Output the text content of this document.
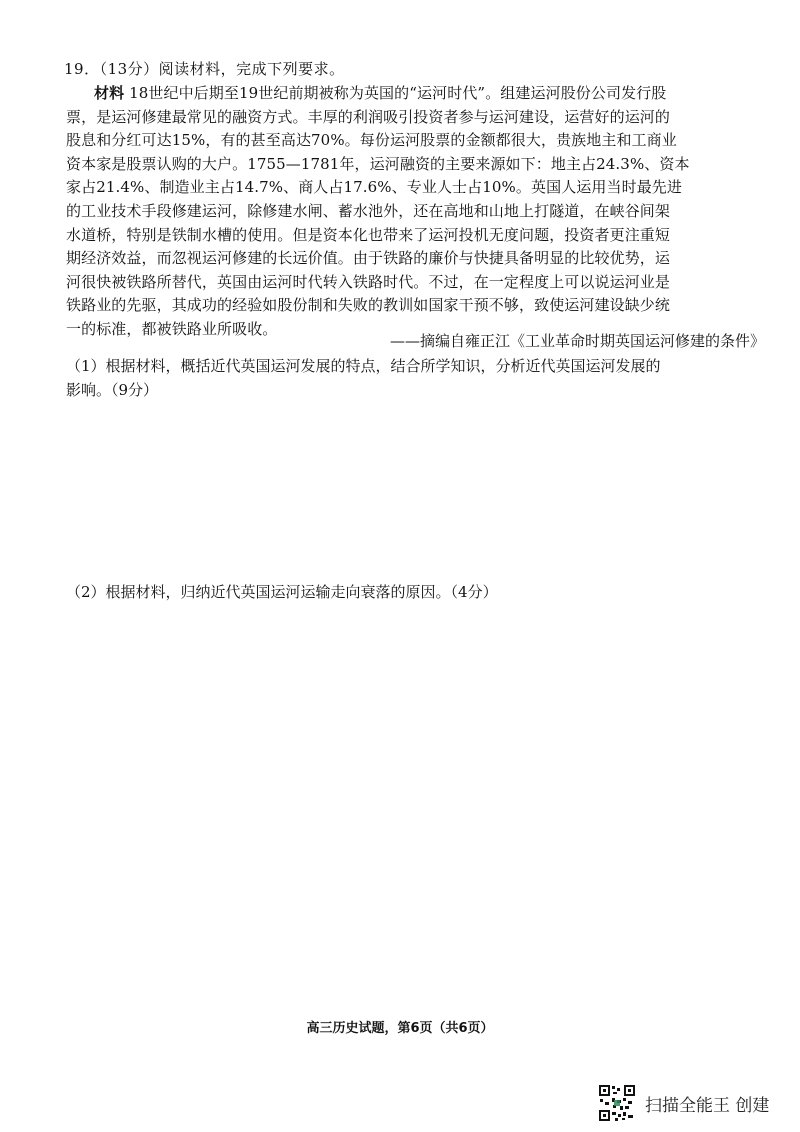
19．（13分）阅读材料，完成下列要求。
材料 18世纪中后期至19世纪前期被称为英国的“运河时代”。组建运河股份公司发行股
票，是运河修建最常见的融资方式。丰厚的利润吸引投资者参与运河建设，运营好的运河的
股息和分红可达15%，有的甚至高达70%。每份运河股票的金额都很大，贵族地主和工商业
资本家是股票认购的大户。1755—1781年，运河融资的主要来源如下：地主占24.3%、资本
家占21.4%、制造业主占14.7%、商人占17.6%、专业人士占10%。英国人运用当时最先进
的工业技术手段修建运河，除修建水闸、蓄水池外，还在高地和山地上打隧道，在峡谷间架
水道桥，特别是铁制水槽的使用。但是资本化也带来了运河投机无度问题，投资者更注重短
期经济效益，而忽视运河修建的长远价值。由于铁路的廉价与快捷具备明显的比较优势，运
河很快被铁路所替代，英国由运河时代转入铁路时代。不过，在一定程度上可以说运河业是
铁路业的先驱，其成功的经验如股份制和失败的教训如国家干预不够，致使运河建设缺少统
一的标准，都被铁路业所吸收。
——摘编自雍正江《工业革命时期英国运河修建的条件》
（1）根据材料，概括近代英国运河发展的特点，结合所学知识，分析近代英国运河发展的
影响。（9分）
（2）根据材料，归纳近代英国运河运输走向衰落的原因。（4分）
高三历史试题，第6页（共6页）
扫描全能王 创建
